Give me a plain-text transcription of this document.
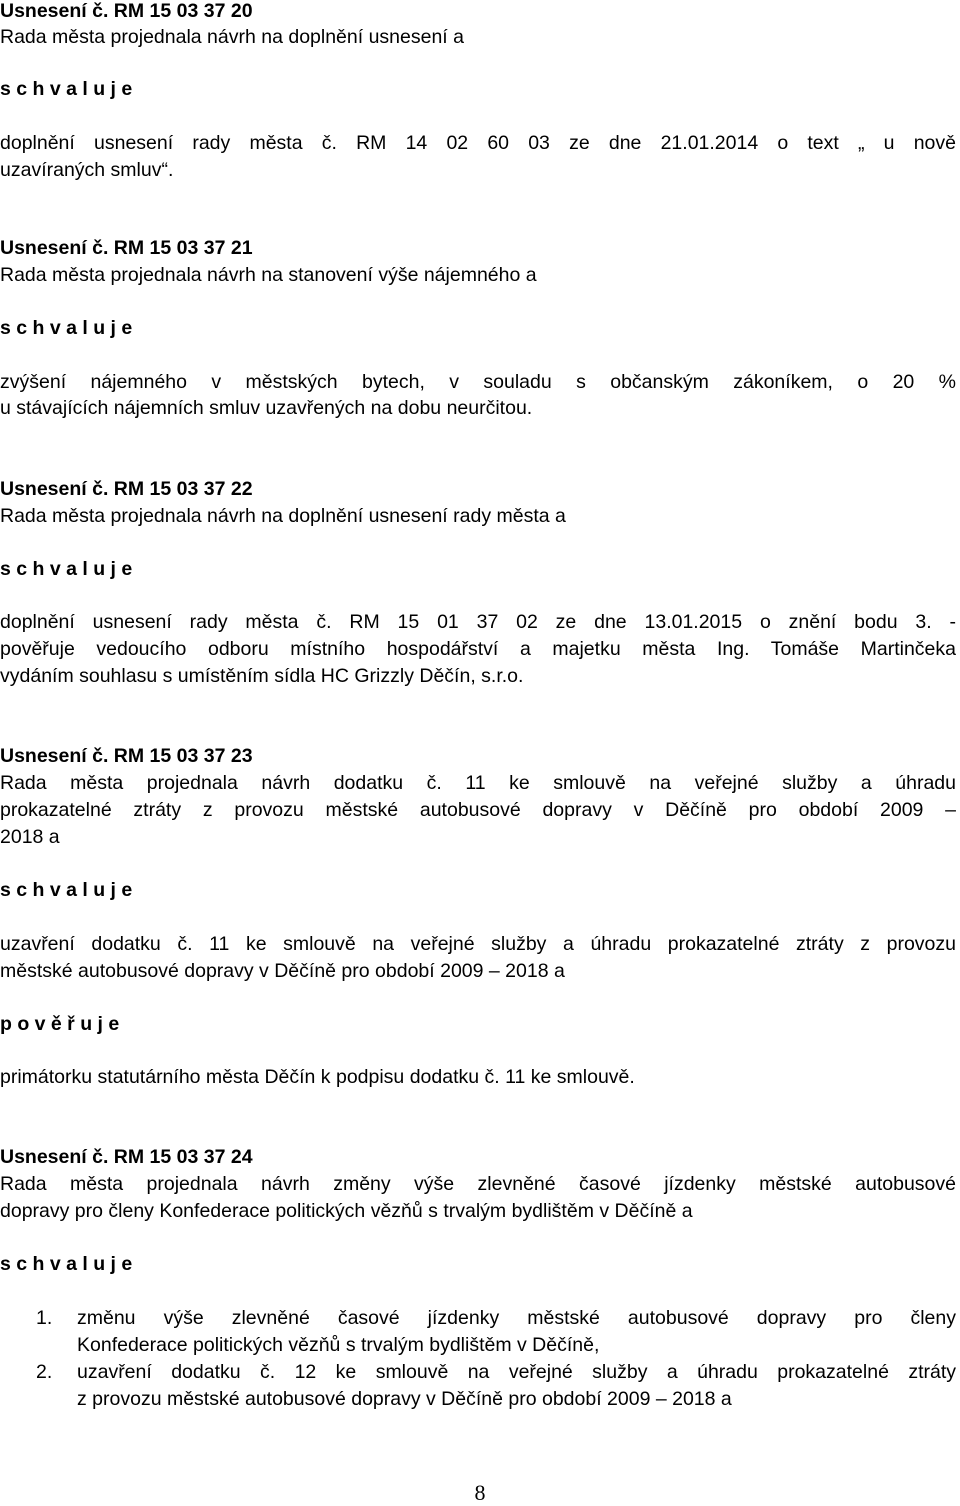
Usnesení č. RM 15 03 37 20
Rada města projednala návrh na doplnění usnesení a
s c h v a l u j e
doplnění usnesení rady města č. RM 14 02 60 03 ze dne 21.01.2014 o text „ u nově
uzavíraných smluv“.
Usnesení č. RM 15 03 37 21
Rada města projednala návrh na stanovení výše nájemného a
s c h v a l u j e
zvýšení nájemného v městských bytech, v souladu s občanským zákoníkem, o 20 %
u stávajících nájemních smluv uzavřených na dobu neurčitou.
Usnesení č. RM 15 03 37 22
Rada města projednala návrh na doplnění usnesení rady města a
s c h v a l u j e
doplnění usnesení rady města č. RM 15 01 37 02 ze dne 13.01.2015 o znění bodu 3. -
pověřuje vedoucího odboru místního hospodářství a majetku města Ing. Tomáše Martinčeka
vydáním souhlasu s umístěním sídla HC Grizzly Děčín, s.r.o.
Usnesení č. RM 15 03 37 23
Rada města projednala návrh dodatku č. 11 ke smlouvě na veřejné služby a úhradu
prokazatelné ztráty z provozu městské autobusové dopravy v Děčíně pro období 2009 –
2018 a
s c h v a l u j e
uzavření dodatku č. 11 ke smlouvě na veřejné služby a úhradu prokazatelné ztráty z provozu
městské autobusové dopravy v Děčíně pro období 2009 – 2018 a
p o v ě ř u j e
primátorku statutárního města Děčín k podpisu dodatku č. 11 ke smlouvě.
Usnesení č. RM 15 03 37 24
Rada města projednala návrh změny výše zlevněné časové jízdenky městské autobusové
dopravy pro členy Konfederace politických vězňů s trvalým bydlištěm v Děčíně a
s c h v a l u j e
1. změnu výše zlevněné časové jízdenky městské autobusové dopravy pro členy
Konfederace politických vězňů s trvalým bydlištěm v Děčíně,
2. uzavření dodatku č. 12 ke smlouvě na veřejné služby a úhradu prokazatelné ztráty
z provozu městské autobusové dopravy v Děčíně pro období 2009 – 2018 a
8
